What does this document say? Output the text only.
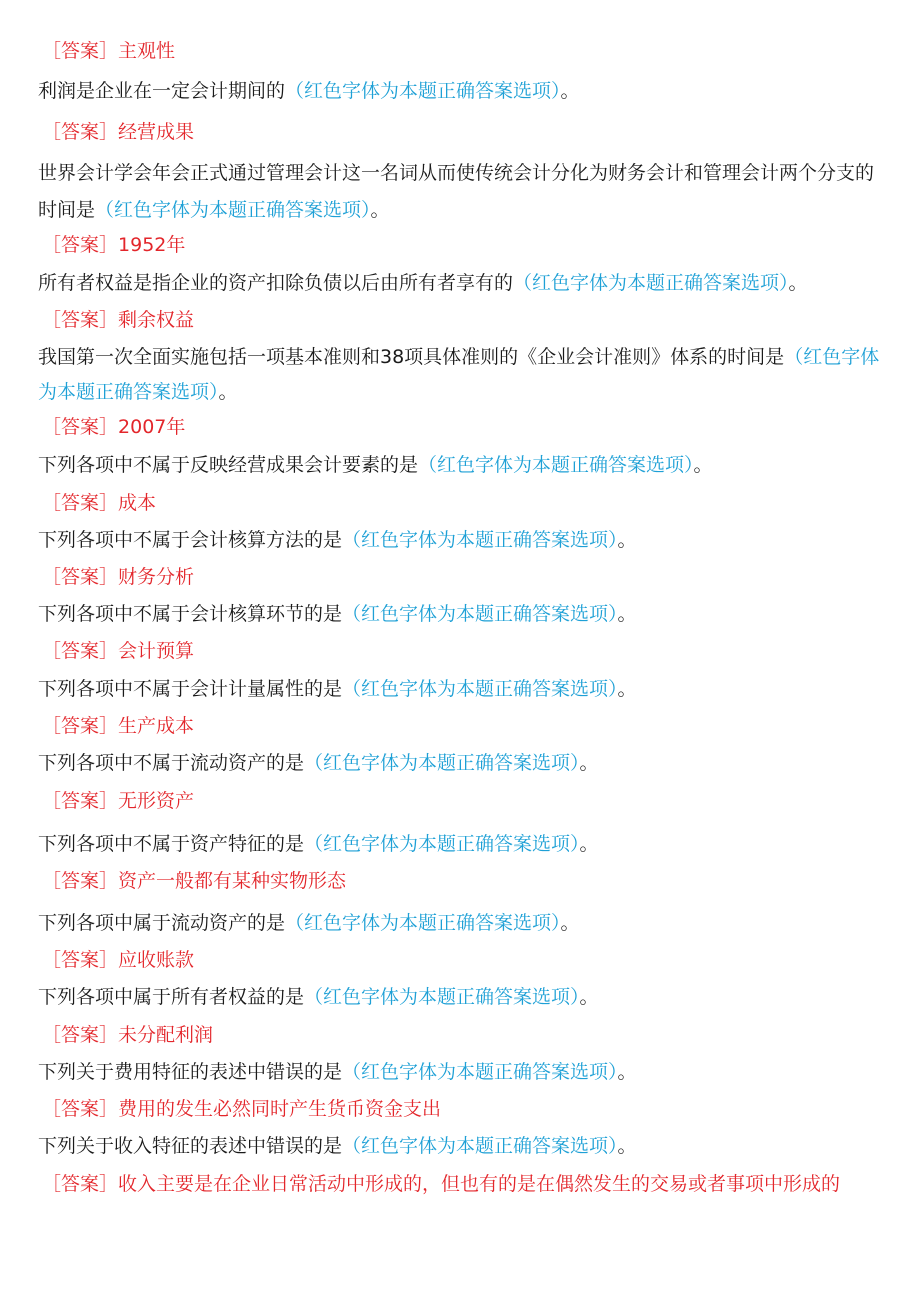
［答案］主观性
利润是企业在一定会计期间的（红色字体为本题正确答案选项）。
［答案］经营成果
世界会计学会年会正式通过管理会计这一名词从而使传统会计分化为财务会计和管理会计两个分支的 时间是（红色字体为本题正确答案选项）。
［答案］1952年
所有者权益是指企业的资产扣除负债以后由所有者享有的（红色字体为本题正确答案选项）。
［答案］剩余权益
我国第一次全面实施包括一项基本准则和38项具体准则的《企业会计准则》体系的时间是（红色字体为本题正确答案选项）。
［答案］2007年
下列各项中不属于反映经营成果会计要素的是（红色字体为本题正确答案选项）。
［答案］成本
下列各项中不属于会计核算方法的是（红色字体为本题正确答案选项）。
［答案］财务分析
下列各项中不属于会计核算环节的是（红色字体为本题正确答案选项）。
［答案］会计预算
下列各项中不属于会计计量属性的是（红色字体为本题正确答案选项）。
［答案］生产成本
下列各项中不属于流动资产的是（红色字体为本题正确答案选项）。
［答案］无形资产
下列各项中不属于资产特征的是（红色字体为本题正确答案选项）。
［答案］资产一般都有某种实物形态
下列各项中属于流动资产的是（红色字体为本题正确答案选项）。
［答案］应收账款
下列各项中属于所有者权益的是（红色字体为本题正确答案选项）。
［答案］未分配利润
下列关于费用特征的表述中错误的是（红色字体为本题正确答案选项）。
［答案］费用的发生必然同时产生货币资金支出
下列关于收入特征的表述中错误的是（红色字体为本题正确答案选项）。
［答案］收入主要是在企业日常活动中形成的，但也有的是在偶然发生的交易或者事项中形成的
